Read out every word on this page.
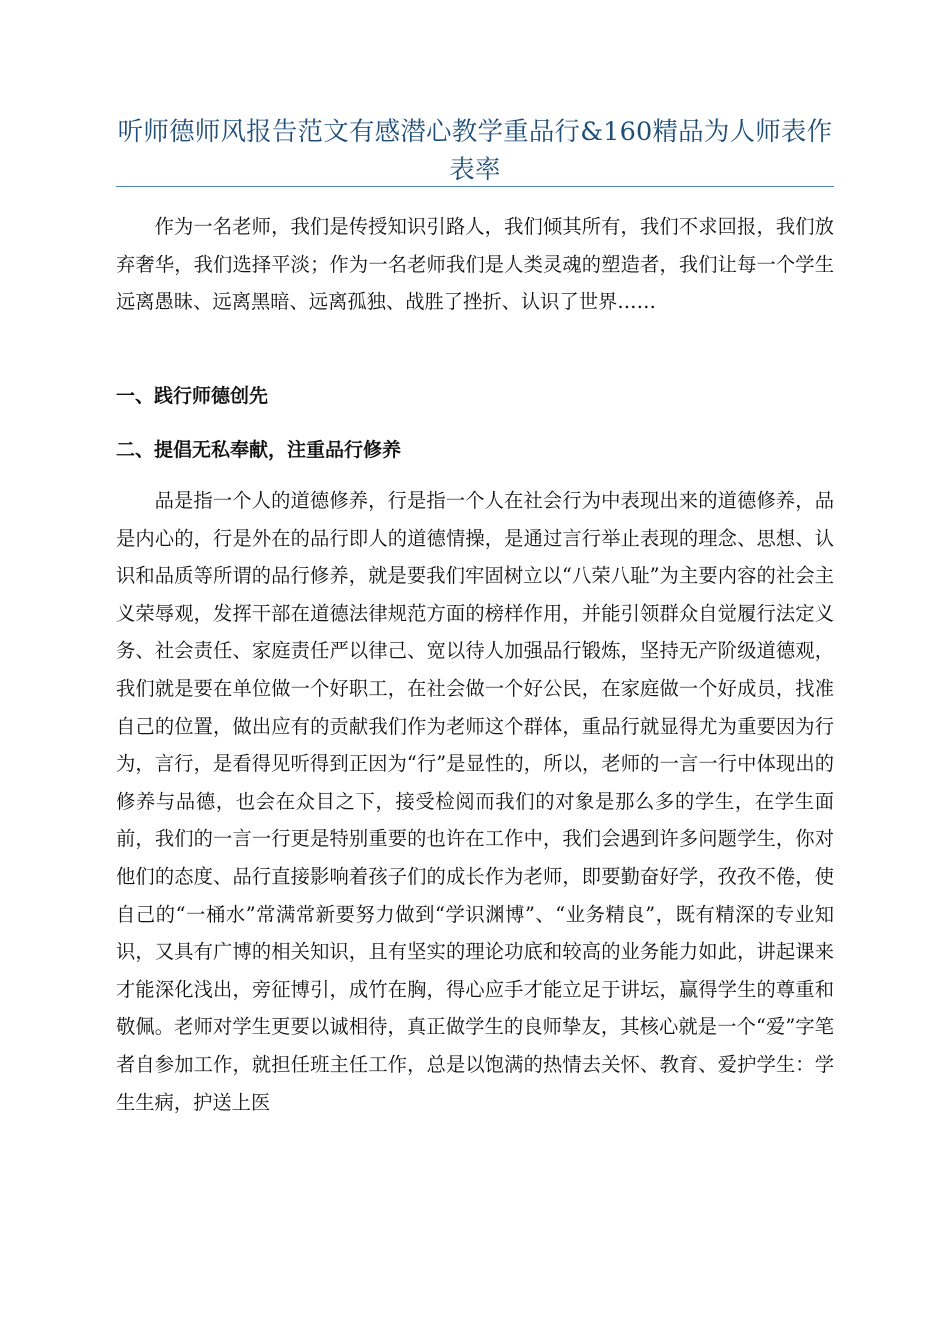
听师德师风报告范文有感潜心教学重品行&160精品为人师表作表率

作为一名老师，我们是传授知识引路人，我们倾其所有，我们不求回报，我们放弃奢华，我们选择平淡；作为一名老师我们是人类灵魂的塑造者，我们让每一个学生远离愚昧、远离黑暗、远离孤独、战胜了挫折、认识了世界……

一、践行师德创先
二、提倡无私奉献，注重品行修养

品是指一个人的道德修养，行是指一个人在社会行为中表现出来的道德修养，品是内心的，行是外在的品行即人的道德情操，是通过言行举止表现的理念、思想、认识和品质等所谓的品行修养，就是要我们牢固树立以“八荣八耻”为主要内容的社会主义荣辱观，发挥干部在道德法律规范方面的榜样作用，并能引领群众自觉履行法定义务、社会责任、家庭责任严以律己、宽以待人加强品行锻炼，坚持无产阶级道德观，我们就是要在单位做一个好职工，在社会做一个好公民，在家庭做一个好成员，找准自己的位置，做出应有的贡献我们作为老师这个群体，重品行就显得尤为重要因为行为，言行，是看得见听得到正因为“行”是显性的，所以，老师的一言一行中体现出的修养与品德，也会在众目之下，接受检阅而我们的对象是那么多的学生，在学生面前，我们的一言一行更是特别重要的也许在工作中，我们会遇到许多问题学生，你对他们的态度、品行直接影响着孩子们的成长作为老师，即要勤奋好学，孜孜不倦，使自己的“一桶水”常满常新要努力做到“学识渊博”、“业务精良”，既有精深的专业知识，又具有广博的相关知识，且有坚实的理论功底和较高的业务能力如此，讲起课来才能深化浅出，旁征博引，成竹在胸，得心应手才能立足于讲坛，赢得学生的尊重和敬佩。老师对学生更要以诚相待，真正做学生的良师挚友，其核心就是一个“爱”字笔者自参加工作，就担任班主任工作，总是以饱满的热情去关怀、教育、爱护学生：学生生病，护送上医
